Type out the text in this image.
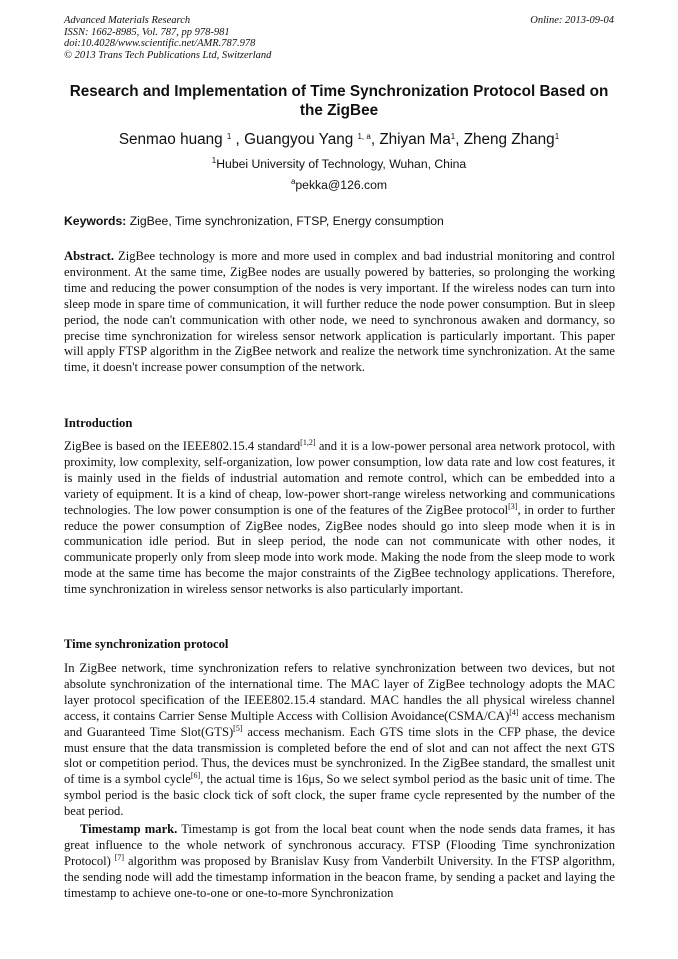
Advanced Materials Research
ISSN: 1662-8985, Vol. 787, pp 978-981
doi:10.4028/www.scientific.net/AMR.787.978
© 2013 Trans Tech Publications Ltd, Switzerland
Online: 2013-09-04
Research and Implementation of Time Synchronization Protocol Based on the ZigBee
Senmao huang $^1$ , Guangyou Yang $^{1, a}$, Zhiyan Ma$^1$, Zheng Zhang$^1$
$^1$Hubei University of Technology, Wuhan, China
$^a$pekka@126.com
Keywords: ZigBee, Time synchronization, FTSP, Energy consumption
Abstract. ZigBee technology is more and more used in complex and bad industrial monitoring and control environment. At the same time, ZigBee nodes are usually powered by batteries, so prolonging the working time and reducing the power consumption of the nodes is very important. If the wireless nodes can turn into sleep mode in spare time of communication, it will further reduce the node power consumption. But in sleep period, the node can't communication with other node, we need to synchronous awaken and dormancy, so precise time synchronization for wireless sensor network application is particularly important. This paper will apply FTSP algorithm in the ZigBee network and realize the network time synchronization. At the same time, it doesn't increase power consumption of the network.
Introduction
ZigBee is based on the IEEE802.15.4 standard[1,2] and it is a low-power personal area network protocol, with proximity, low complexity, self-organization, low power consumption, low data rate and low cost features, it is mainly used in the fields of industrial automation and remote control, which can be embedded into a variety of equipment. It is a kind of cheap, low-power short-range wireless networking and communications technologies. The low power consumption is one of the features of the ZigBee protocol[3], in order to further reduce the power consumption of ZigBee nodes, ZigBee nodes should go into sleep mode when it is in communication idle period. But in sleep period, the node can not communicate with other nodes, it communicate properly only from sleep mode into work mode. Making the node from the sleep mode to work mode at the same time has become the major constraints of the ZigBee technology applications. Therefore, time synchronization in wireless sensor networks is also particularly important.
Time synchronization protocol
In ZigBee network, time synchronization refers to relative synchronization between two devices, but not absolute synchronization of the international time. The MAC layer of ZigBee technology adopts the MAC layer protocol specification of the IEEE802.15.4 standard. MAC handles the all physical wireless channel access, it contains Carrier Sense Multiple Access with Collision Avoidance(CSMA/CA)[4] access mechanism and Guaranteed Time Slot(GTS)[5] access mechanism. Each GTS time slots in the CFP phase, the device must ensure that the data transmission is completed before the end of slot and can not affect the next GTS slot or competition period. Thus, the devices must be synchronized. In the ZigBee standard, the smallest unit of time is a symbol cycle[6], the actual time is 16μs, So we select symbol period as the basic unit of time. The symbol period is the basic clock tick of soft clock, the super frame cycle represented by the number of the beat period.
Timestamp mark. Timestamp is got from the local beat count when the node sends data frames, it has great influence to the whole network of synchronous accuracy. FTSP (Flooding Time synchronization Protocol) [7] algorithm was proposed by Branislav Kusy from Vanderbilt University. In the FTSP algorithm, the sending node will add the timestamp information in the beacon frame, by sending a packet and laying the timestamp to achieve one-to-one or one-to-more Synchronization
